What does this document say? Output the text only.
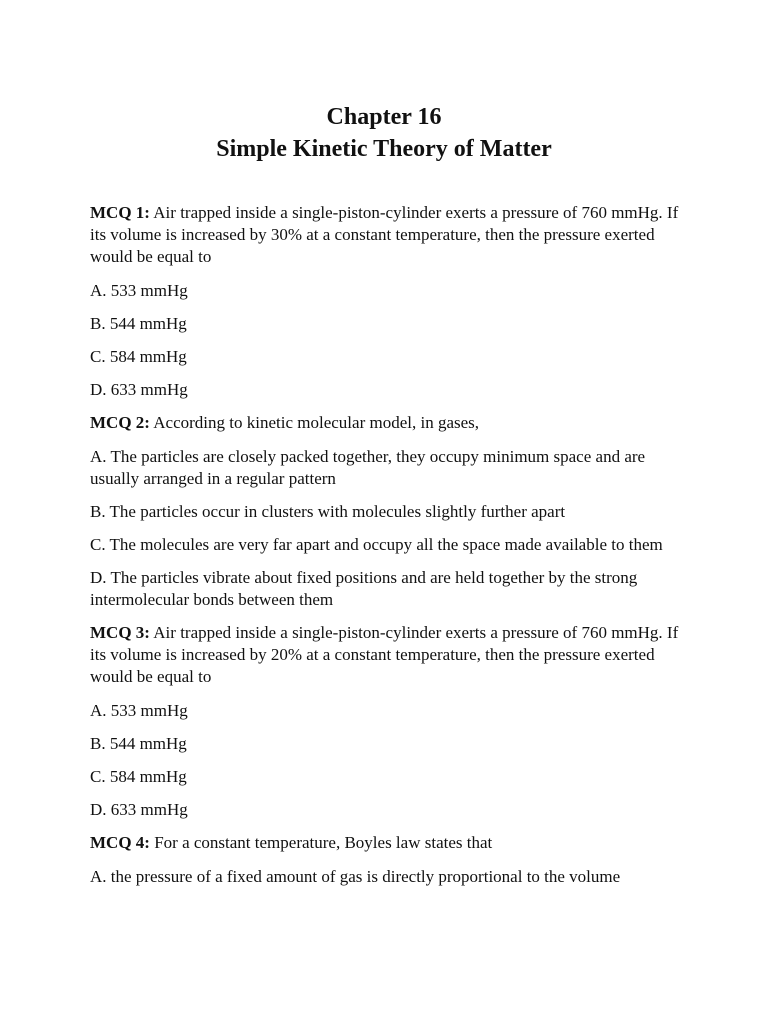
Chapter 16
Simple Kinetic Theory of Matter

MCQ 1: Air trapped inside a single-piston-cylinder exerts a pressure of 760 mmHg. If its volume is increased by 30% at a constant temperature, then the pressure exerted would be equal to

A. 533 mmHg

B. 544 mmHg

C. 584 mmHg

D. 633 mmHg

MCQ 2: According to kinetic molecular model, in gases,

A. The particles are closely packed together, they occupy minimum space and are usually arranged in a regular pattern

B. The particles occur in clusters with molecules slightly further apart

C. The molecules are very far apart and occupy all the space made available to them

D. The particles vibrate about fixed positions and are held together by the strong intermolecular bonds between them

MCQ 3: Air trapped inside a single-piston-cylinder exerts a pressure of 760 mmHg. If its volume is increased by 20% at a constant temperature, then the pressure exerted would be equal to

A. 533 mmHg

B. 544 mmHg

C. 584 mmHg

D. 633 mmHg

MCQ 4: For a constant temperature, Boyles law states that

A. the pressure of a fixed amount of gas is directly proportional to the volume
